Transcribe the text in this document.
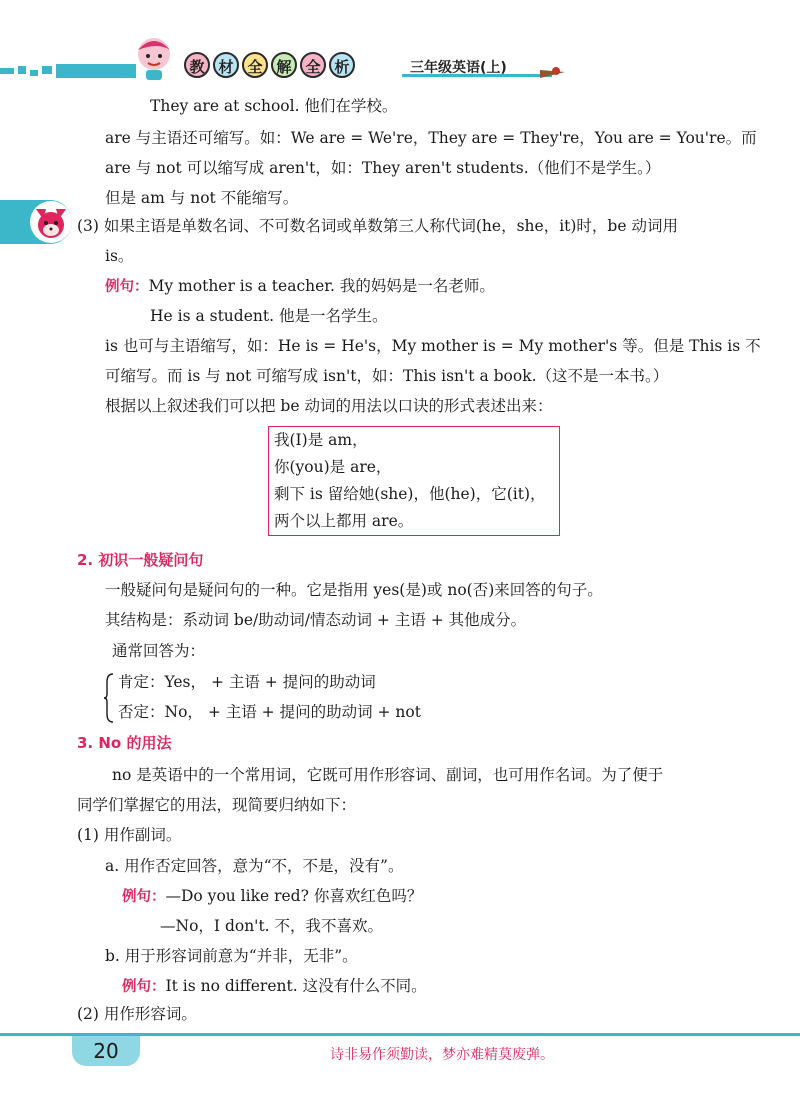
教 材 全 解 全 析	三年级英语(上)
They are at school. 他们在学校。
are 与主语还可缩写。如：We are = We're，They are = They're，You are = You're。而
are 与 not 可以缩写成 aren't，如：They aren't students.（他们不是学生。）
但是 am 与 not 不能缩写。
(3) 如果主语是单数名词、不可数名词或单数第三人称代词(he，she，it)时，be 动词用
is。
例句：My mother is a teacher. 我的妈妈是一名老师。
He is a student. 他是一名学生。
is 也可与主语缩写，如：He is = He's，My mother is = My mother's 等。但是 This is 不
可缩写。而 is 与 not 可缩写成 isn't，如：This isn't a book.（这不是一本书。）
根据以上叙述我们可以把 be 动词的用法以口诀的形式表述出来：
我(I)是 am，
你(you)是 are，
剩下 is 留给她(she)，他(he)，它(it)，
两个以上都用 are。
2. 初识一般疑问句
一般疑问句是疑问句的一种。它是指用 yes(是)或 no(否)来回答的句子。
其结构是：系动词 be/助动词/情态动词 + 主语 + 其他成分。
通常回答为：
肯定：Yes， + 主语 + 提问的助动词
否定：No， + 主语 + 提问的助动词 + not
3. No 的用法
no 是英语中的一个常用词，它既可用作形容词、副词，也可用作名词。为了便于
同学们掌握它的用法，现简要归纳如下：
(1) 用作副词。
a. 用作否定回答，意为“不，不是，没有”。
例句：—Do you like red? 你喜欢红色吗？
—No，I don't. 不，我不喜欢。
b. 用于形容词前意为“并非，无非”。
例句：It is no different. 这没有什么不同。
(2) 用作形容词。
20	诗非易作须勤读，梦亦难精莫废弹。
